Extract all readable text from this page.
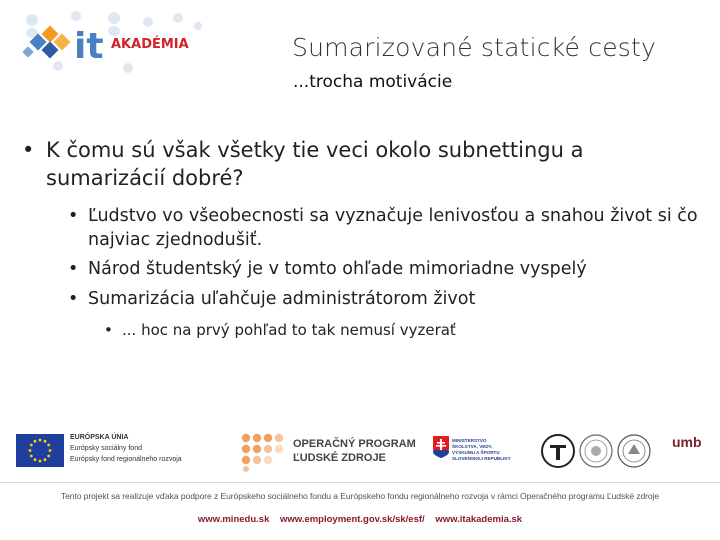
it AKADÉMIA	Sumarizované statické cesty
...trocha motivácie
• K čomu sú však všetky tie veci okolo subnettingu a sumarizácií dobré?
• Ľudstvo vo všeobecnosti sa vyznačuje lenivosťou a snahou život si čo najviac zjednodušiť.
• Národ študentský je v tomto ohľade mimoriadne vyspelý
• Sumarizácia uľahčuje administrátorom život
• ... hoc na prvý pohľad to tak nemusí vyzerať
EURÓPSKA ÚNIA
Európsky sociálny fond
Európsky fond regionálneho rozvoja
OPERAČNÝ PROGRAM
ĽUDSKÉ ZDROJE
MINISTERSTVO
ŠKOLSTVA, VEDY,
VÝSKUMU A ŠPORTU
SLOVENSKEJ REPUBLIKY
umb
Tento projekt sa realizuje vďaka podpore z Európskeho sociálneho fondu a Európskeho fondu regionálneho rozvoja v rámci Operačného programu Ľudské zdroje
www.minedu.sk www.employment.gov.sk/sk/esf/ www.itakademia.sk
